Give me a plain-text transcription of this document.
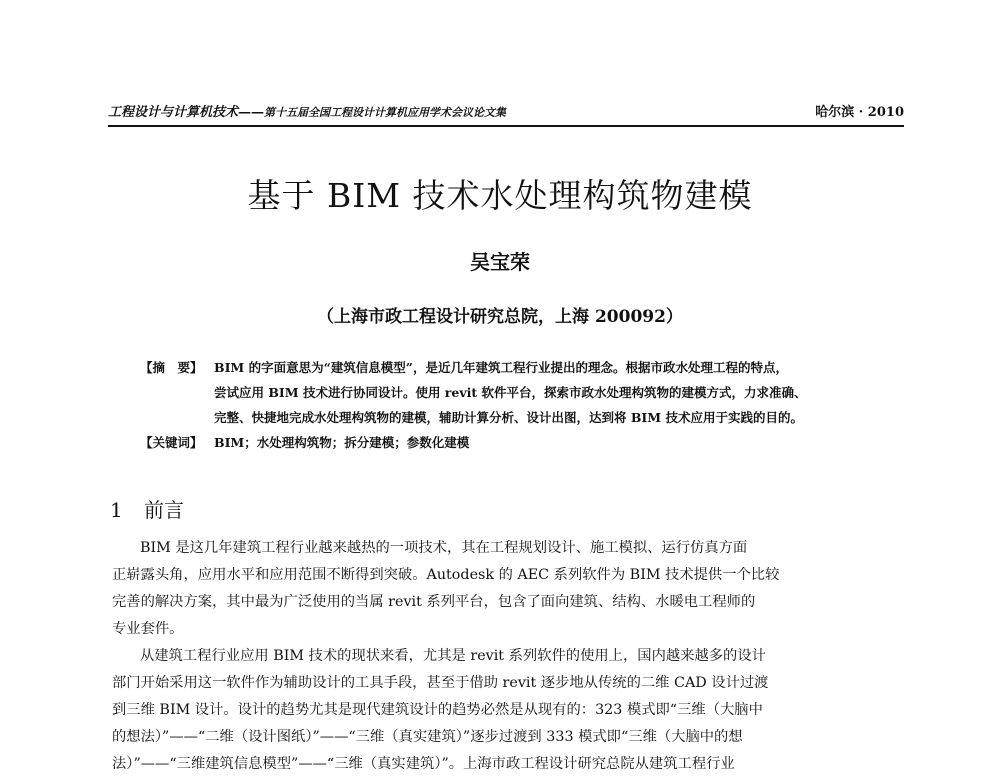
工程设计与计算机技术——第十五届全国工程设计计算机应用学术会议论文集	哈尔滨 · 2010
基于 BIM 技术水处理构筑物建模
吴宝荣
（上海市政工程设计研究总院，上海 200092）
【摘　要】 BIM 的字面意思为“建筑信息模型”，是近几年建筑工程行业提出的理念。根据市政水处理工程的特点，
尝试应用 BIM 技术进行协同设计。使用 revit 软件平台，探索市政水处理构筑物的建模方式，力求准确、
完整、快捷地完成水处理构筑物的建模，辅助计算分析、设计出图，达到将 BIM 技术应用于实践的目的。
【关键词】 BIM；水处理构筑物；拆分建模；参数化建模
1 前言
BIM 是这几年建筑工程行业越来越热的一项技术，其在工程规划设计、施工模拟、运行仿真方面
正崭露头角，应用水平和应用范围不断得到突破。Autodesk 的 AEC 系列软件为 BIM 技术提供一个比较
完善的解决方案，其中最为广泛使用的当属 revit 系列平台，包含了面向建筑、结构、水暖电工程师的
专业套件。
从建筑工程行业应用 BIM 技术的现状来看，尤其是 revit 系列软件的使用上，国内越来越多的设计
部门开始采用这一软件作为辅助设计的工具手段，甚至于借助 revit 逐步地从传统的二维 CAD 设计过渡
到三维 BIM 设计。设计的趋势尤其是现代建筑设计的趋势必然是从现有的：323 模式即“三维（大脑中
的想法）”——“二维（设计图纸）”——“三维（真实建筑）”逐步过渡到 333 模式即“三维（大脑中的想
法）”——“三维建筑信息模型”——“三维（真实建筑）”。上海市政工程设计研究总院从建筑工程行业
